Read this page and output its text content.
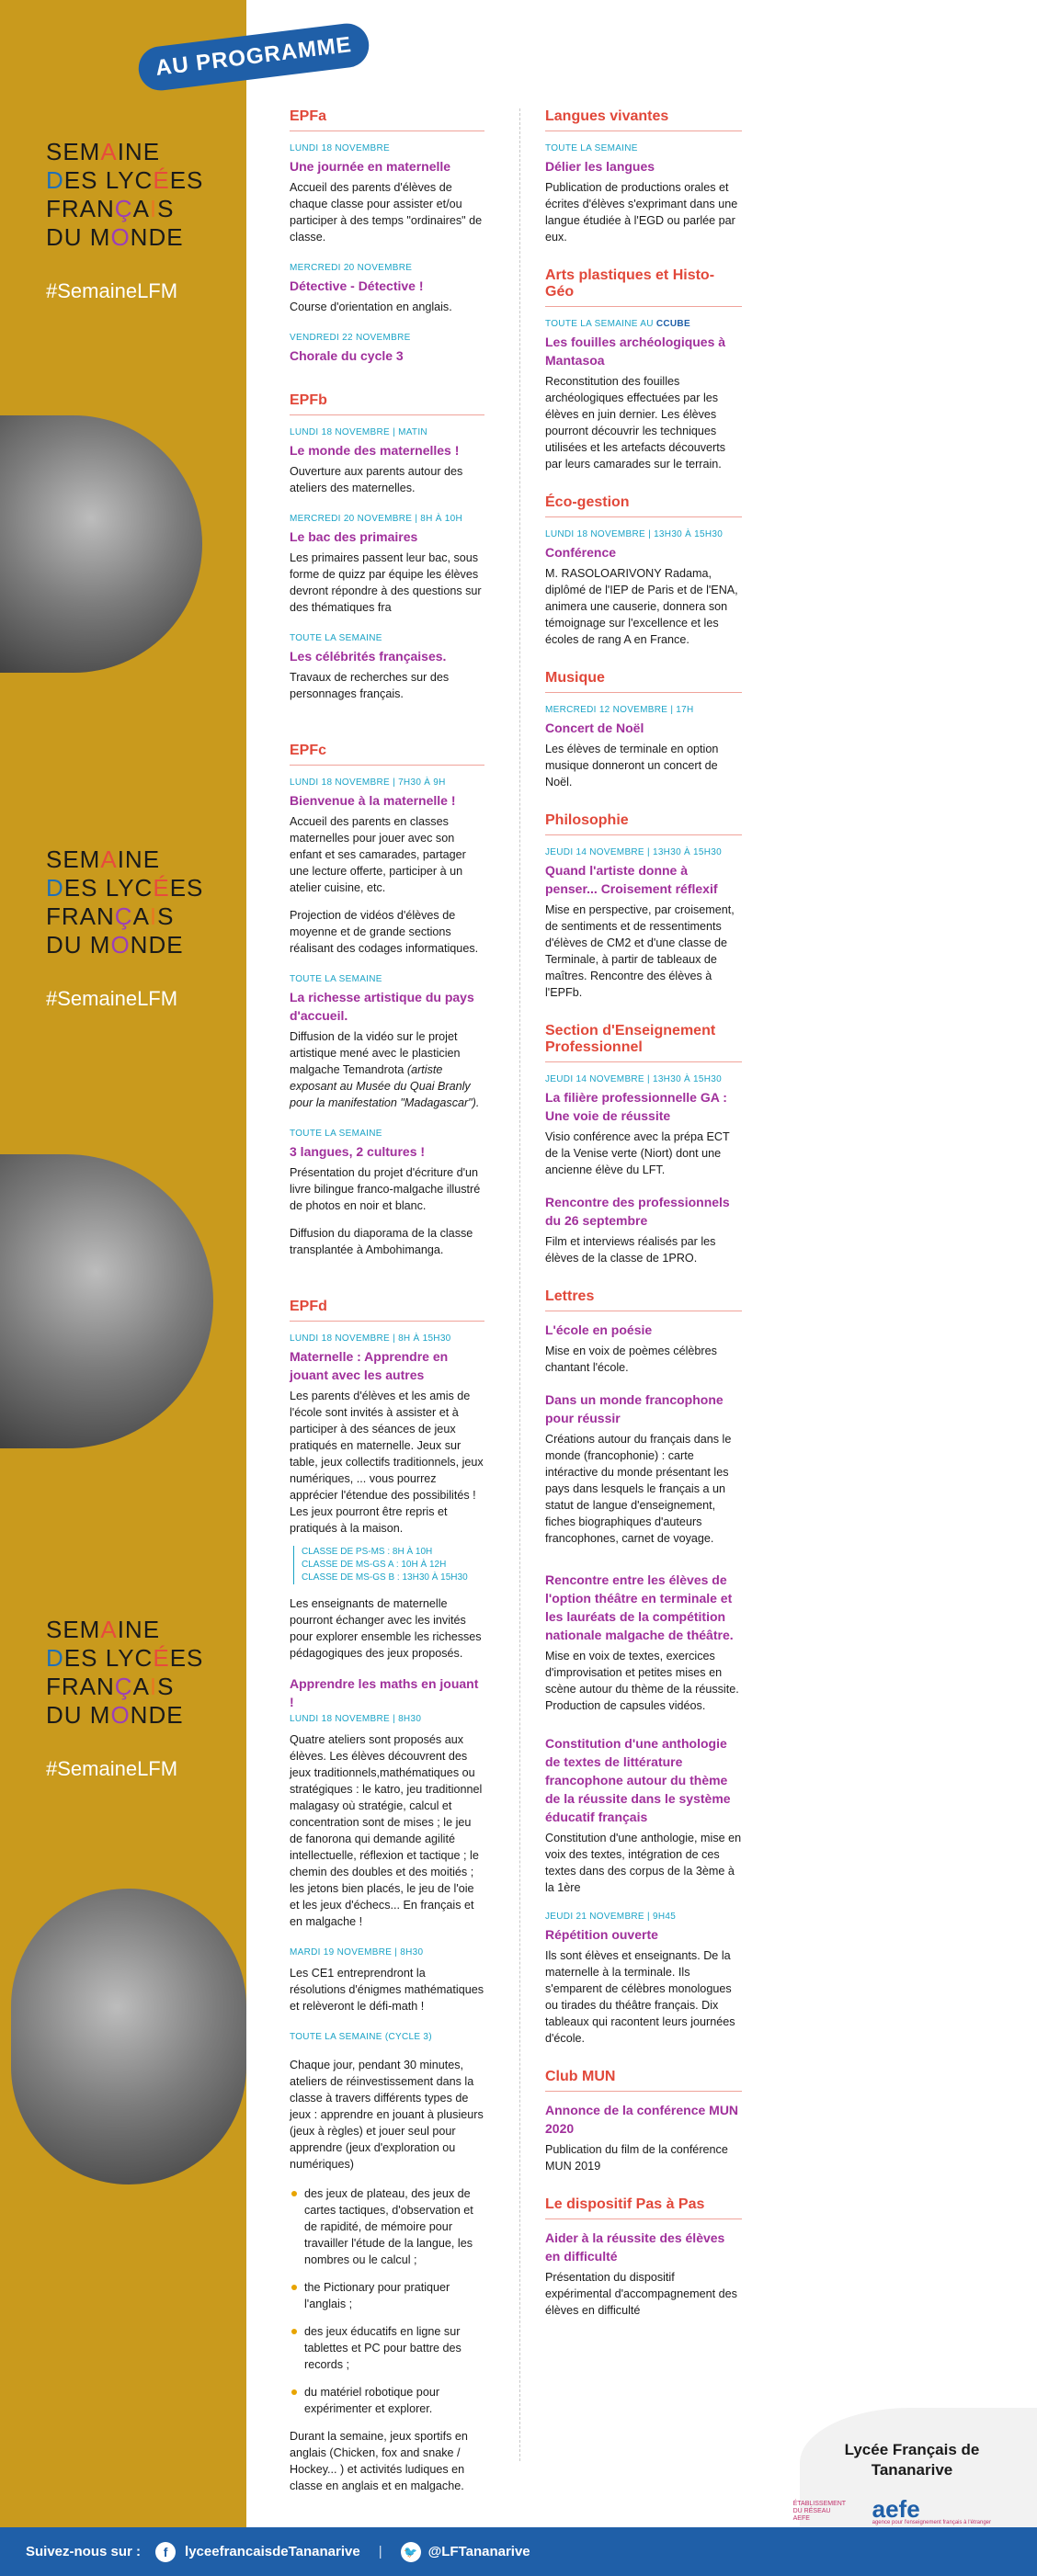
SEMAINE
DES LYCÉES
FRANÇAIS
DU MONDE
#SemaineLFM
SEMAINE
DES LYCÉES
FRANÇAIS
DU MONDE
#SemaineLFM
SEMAINE
DES LYCÉES
FRANÇAIS
DU MONDE
#SemaineLFM
AU PROGRAMME
EPFa
LUNDI 18 NOVEMBRE
Une journée en maternelle
Accueil des parents d'élèves de chaque classe pour assister et/ou participer à des temps "ordinaires" de classe.
MERCREDI 20 NOVEMBRE
Détective - Détective !
Course d'orientation en anglais.
VENDREDI 22 NOVEMBRE
Chorale du cycle 3
EPFb
LUNDI 18 NOVEMBRE | MATIN
Le monde des maternelles !
Ouverture aux parents autour des ateliers des maternelles.
MERCREDI 20 NOVEMBRE | 8H À 10H
Le bac des primaires
Les primaires passent leur bac, sous forme de quizz par équipe les élèves devront répondre à des questions sur des thématiques fra
TOUTE LA SEMAINE
Les célébrités françaises.
Travaux de recherches sur des personnages français.
EPFc
LUNDI 18 NOVEMBRE | 7H30 À 9H
Bienvenue à la maternelle !
Accueil des parents en classes maternelles pour jouer avec son enfant et ses camarades, partager une lecture offerte, participer à un atelier cuisine, etc.
Projection de vidéos d'élèves de moyenne et de grande sections réalisant des codages informatiques.
TOUTE LA SEMAINE
La richesse artistique du pays d'accueil.
Diffusion de la vidéo sur le projet artistique mené avec le plasticien malgache Temandrota (artiste exposant au Musée du Quai Branly pour la manifestation "Madagascar").
TOUTE LA SEMAINE
3 langues, 2 cultures !
Présentation du projet d'écriture d'un livre bilingue franco-malgache illustré de photos en noir et blanc.
Diffusion du diaporama de la classe transplantée à Ambohimanga.
EPFd
LUNDI 18 NOVEMBRE | 8H À 15H30
Maternelle : Apprendre en jouant avec les autres
Les parents d'élèves et les amis de l'école sont invités à assister et à participer à des séances de jeux pratiqués en maternelle. Jeux sur table, jeux collectifs traditionnels, jeux numériques, ... vous pourrez apprécier l'étendue des possibilités ! Les jeux pourront être repris et pratiqués à la maison.
CLASSE DE PS-MS : 8H À 10H
CLASSE DE MS-GS A : 10H À 12H
CLASSE DE MS-GS B : 13H30 À 15H30
Les enseignants de maternelle pourront échanger avec les invités pour explorer ensemble les richesses pédagogiques des jeux proposés.
Apprendre les maths en jouant !
LUNDI 18 NOVEMBRE | 8H30
Quatre ateliers sont proposés aux élèves. Les élèves découvrent des jeux traditionnels,mathématiques ou stratégiques : le katro, jeu traditionnel malagasy où stratégie, calcul et concentration sont de mises ; le jeu de fanorona qui demande agilité intellectuelle, réflexion et tactique ; le chemin des doubles et des moitiés ; les jetons bien placés, le jeu de l'oie et les jeux d'échecs... En français et en malgache !
MARDI 19 NOVEMBRE | 8H30
Les CE1 entreprendront la résolutions d'énigmes mathématiques et relèveront le défi-math !
TOUTE LA SEMAINE (CYCLE 3)
Chaque jour, pendant 30 minutes, ateliers de réinvestissement dans la classe à travers différents types de jeux : apprendre en jouant à plusieurs (jeux à règles) et jouer seul pour apprendre (jeux d'exploration ou numériques)
des jeux de plateau, des jeux de cartes tactiques, d'observation et de rapidité, de mémoire pour travailler l'étude de la langue, les nombres ou le calcul ;
the Pictionary pour pratiquer l'anglais ;
des jeux éducatifs en ligne sur tablettes et PC pour battre des records ;
du matériel robotique pour expérimenter et explorer.
Durant la semaine, jeux sportifs en anglais (Chicken, fox and snake / Hockey... ) et activités ludiques en classe en anglais et en malgache.
Langues vivantes
TOUTE LA SEMAINE
Délier les langues
Publication de productions orales et écrites d'élèves s'exprimant dans une langue étudiée à l'EGD ou parlée par eux.
Arts plastiques et Histo-Géo
TOUTE LA SEMAINE AU CCUBE
Les fouilles archéologiques à Mantasoa
Reconstitution des fouilles archéologiques effectuées par les élèves en juin dernier. Les élèves pourront découvrir les techniques utilisées et les artefacts découverts par leurs camarades sur le terrain.
Éco-gestion
LUNDI 18 NOVEMBRE | 13H30 À 15H30
Conférence
M. RASOLOARIVONY Radama, diplômé de l'IEP de Paris et de l'ENA, animera une causerie, donnera son témoignage sur l'excellence et les écoles de rang A en France.
Musique
MERCREDI 12 NOVEMBRE | 17H
Concert de Noël
Les élèves de terminale en option musique donneront un concert de Noël.
Philosophie
JEUDI 14 NOVEMBRE | 13H30 À 15H30
Quand l'artiste donne à penser... Croisement réflexif
Mise en perspective, par croisement, de sentiments et de ressentiments d'élèves de CM2 et d'une classe de Terminale, à partir de tableaux de maîtres. Rencontre des élèves à l'EPFb.
Section d'Enseignement Professionnel
JEUDI 14 NOVEMBRE | 13H30 À 15H30
La filière professionnelle GA : Une voie de réussite
Visio conférence avec la prépa ECT de la Venise verte (Niort) dont une ancienne élève du LFT.
Rencontre des professionnels du 26 septembre
Film et interviews réalisés par les élèves de la classe de 1PRO.
Lettres
L'école en poésie
Mise en voix de poèmes célèbres chantant l'école.
Dans un monde francophone pour réussir
Créations autour du français dans le monde (francophonie) : carte intéractive du monde présentant les pays dans lesquels le français a un statut de langue d'enseignement, fiches biographiques d'auteurs francophones, carnet de voyage.
Rencontre entre les élèves de l'option théâtre en terminale et les lauréats de la compétition nationale malgache de théâtre.
Mise en voix de textes, exercices d'improvisation et petites mises en scène autour du thème de la réussite. Production de capsules vidéos.
Constitution d'une anthologie de textes de littérature francophone autour du thème de la réussite dans le système éducatif français
Constitution d'une anthologie, mise en voix des textes, intégration de ces textes dans des corpus de la 3ème à la 1ère
JEUDI 21 NOVEMBRE | 9H45
Répétition ouverte
Ils sont élèves et enseignants. De la maternelle à la terminale. Ils s'emparent de célèbres monologues ou tirades du théâtre français. Dix tableaux qui racontent leurs journées d'école.
Club MUN
Annonce de la conférence MUN 2020
Publication du film de la conférence MUN 2019
Le dispositif Pas à Pas
Aider à la réussite des élèves en difficulté
Présentation du dispositif expérimental d'accompagnement des élèves en difficulté
Lycée Français de Tananarive
ÉTABLISSEMENT DU RÉSEAU AEFE	aefe
agence pour l'enseignement français à l'étranger
Suivez-nous sur :	f	lyceefrancaisdeTananarive | 🐦 @LFTananarive
